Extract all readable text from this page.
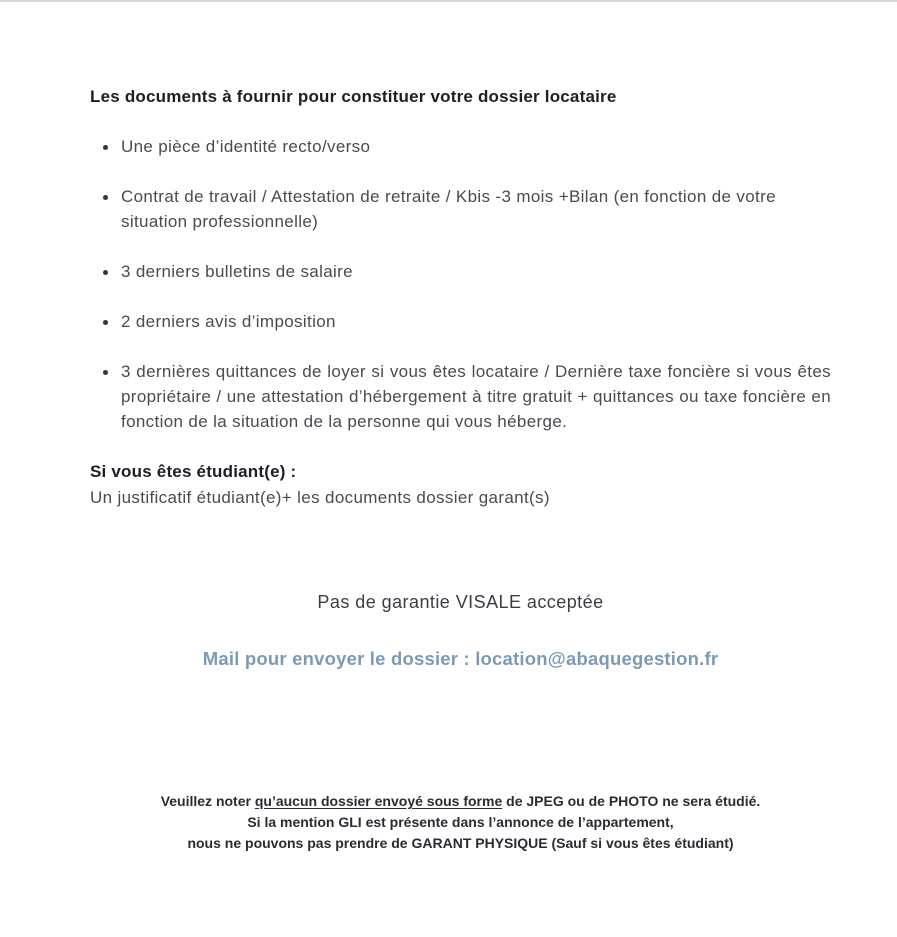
Les documents à fournir pour constituer votre dossier locataire
Une pièce d’identité recto/verso
Contrat de travail / Attestation de retraite / Kbis -3 mois +Bilan (en fonction de votre situation professionnelle)
3 derniers bulletins de salaire
2 derniers avis d’imposition
3 dernières quittances de loyer si vous êtes locataire / Dernière taxe foncière si vous êtes propriétaire / une attestation d’hébergement à titre gratuit + quittances ou taxe foncière en fonction de la situation de la personne qui vous héberge.
Si vous êtes étudiant(e) :
Un justificatif étudiant(e)+ les documents dossier garant(s)
Pas de garantie VISALE acceptée
Mail pour envoyer le dossier : location@abaquegestion.fr
Veuillez noter qu’aucun dossier envoyé sous forme de JPEG ou de PHOTO ne sera étudié.
Si la mention GLI est présente dans l’annonce de l’appartement,
nous ne pouvons pas prendre de GARANT PHYSIQUE (Sauf si vous êtes étudiant)
